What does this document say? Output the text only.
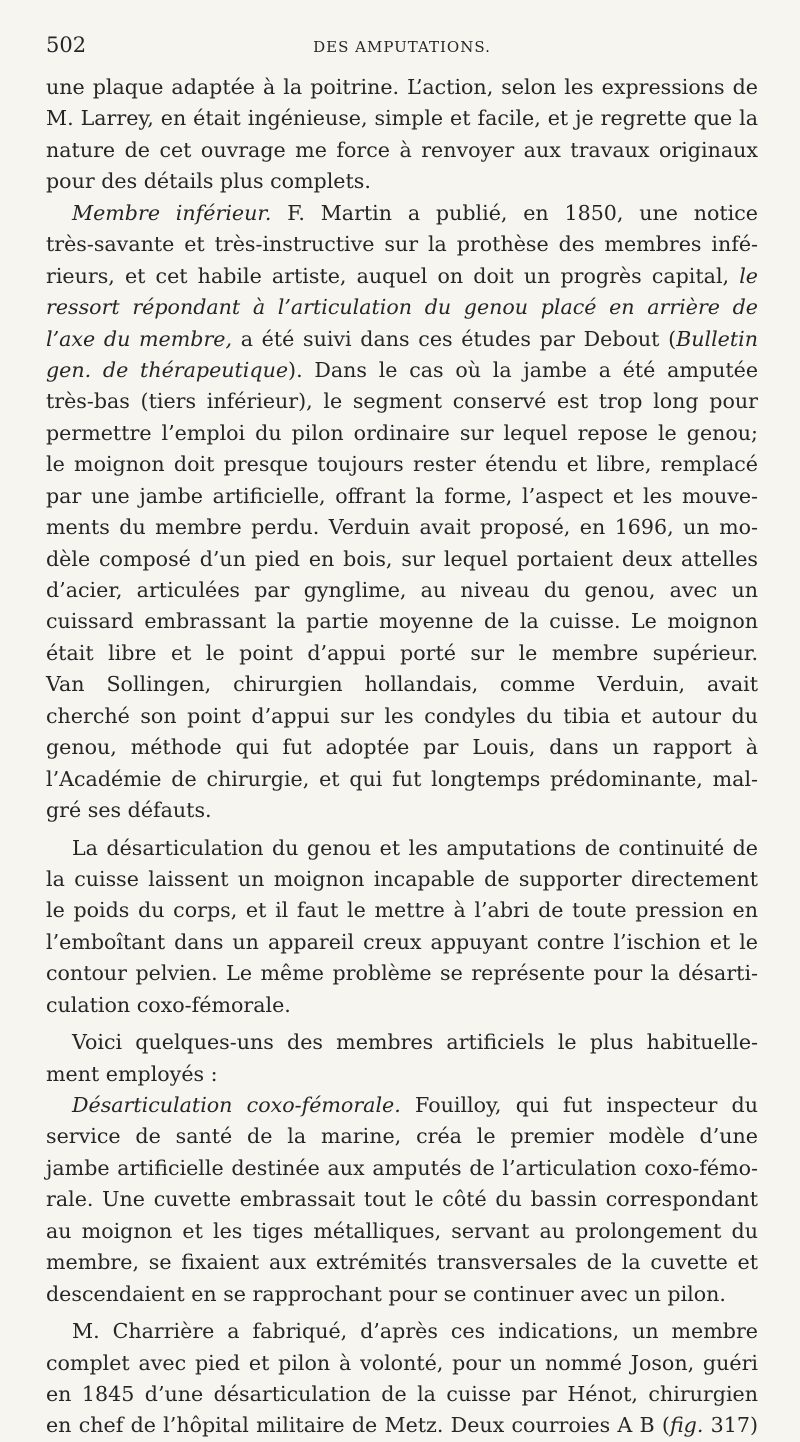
502	DES AMPUTATIONS.
une plaque adaptée à la poitrine. L’action, selon les expressions de
M. Larrey, en était ingénieuse, simple et facile, et je regrette que la
nature de cet ouvrage me force à renvoyer aux travaux originaux
pour des détails plus complets.
Membre inférieur. F. Martin a publié, en 1850, une notice
très-savante et très-instructive sur la prothèse des membres infé-
rieurs, et cet habile artiste, auquel on doit un progrès capital, le
ressort répondant à l’articulation du genou placé en arrière de
l’axe du membre, a été suivi dans ces études par Debout (Bulletin
gen. de thérapeutique). Dans le cas où la jambe a été amputée
très-bas (tiers inférieur), le segment conservé est trop long pour
permettre l’emploi du pilon ordinaire sur lequel repose le genou;
le moignon doit presque toujours rester étendu et libre, remplacé
par une jambe artificielle, offrant la forme, l’aspect et les mouve-
ments du membre perdu. Verduin avait proposé, en 1696, un mo-
dèle composé d’un pied en bois, sur lequel portaient deux attelles
d’acier, articulées par gynglime, au niveau du genou, avec un
cuissard embrassant la partie moyenne de la cuisse. Le moignon
était libre et le point d’appui porté sur le membre supérieur.
Van Sollingen, chirurgien hollandais, comme Verduin, avait
cherché son point d’appui sur les condyles du tibia et autour du
genou, méthode qui fut adoptée par Louis, dans un rapport à
l’Académie de chirurgie, et qui fut longtemps prédominante, mal-
gré ses défauts.
La désarticulation du genou et les amputations de continuité de
la cuisse laissent un moignon incapable de supporter directement
le poids du corps, et il faut le mettre à l’abri de toute pression en
l’emboîtant dans un appareil creux appuyant contre l’ischion et le
contour pelvien. Le même problème se représente pour la désarti-
culation coxo-fémorale.
Voici quelques-uns des membres artificiels le plus habituelle-
ment employés :
Désarticulation coxo-fémorale. Fouilloy, qui fut inspecteur du
service de santé de la marine, créa le premier modèle d’une
jambe artificielle destinée aux amputés de l’articulation coxo-fémo-
rale. Une cuvette embrassait tout le côté du bassin correspondant
au moignon et les tiges métalliques, servant au prolongement du
membre, se fixaient aux extrémités transversales de la cuvette et
descendaient en se rapprochant pour se continuer avec un pilon.
M. Charrière a fabriqué, d’après ces indications, un membre
complet avec pied et pilon à volonté, pour un nommé Joson, guéri
en 1845 d’une désarticulation de la cuisse par Hénot, chirurgien
en chef de l’hôpital militaire de Metz. Deux courroies A B (fig. 317)
